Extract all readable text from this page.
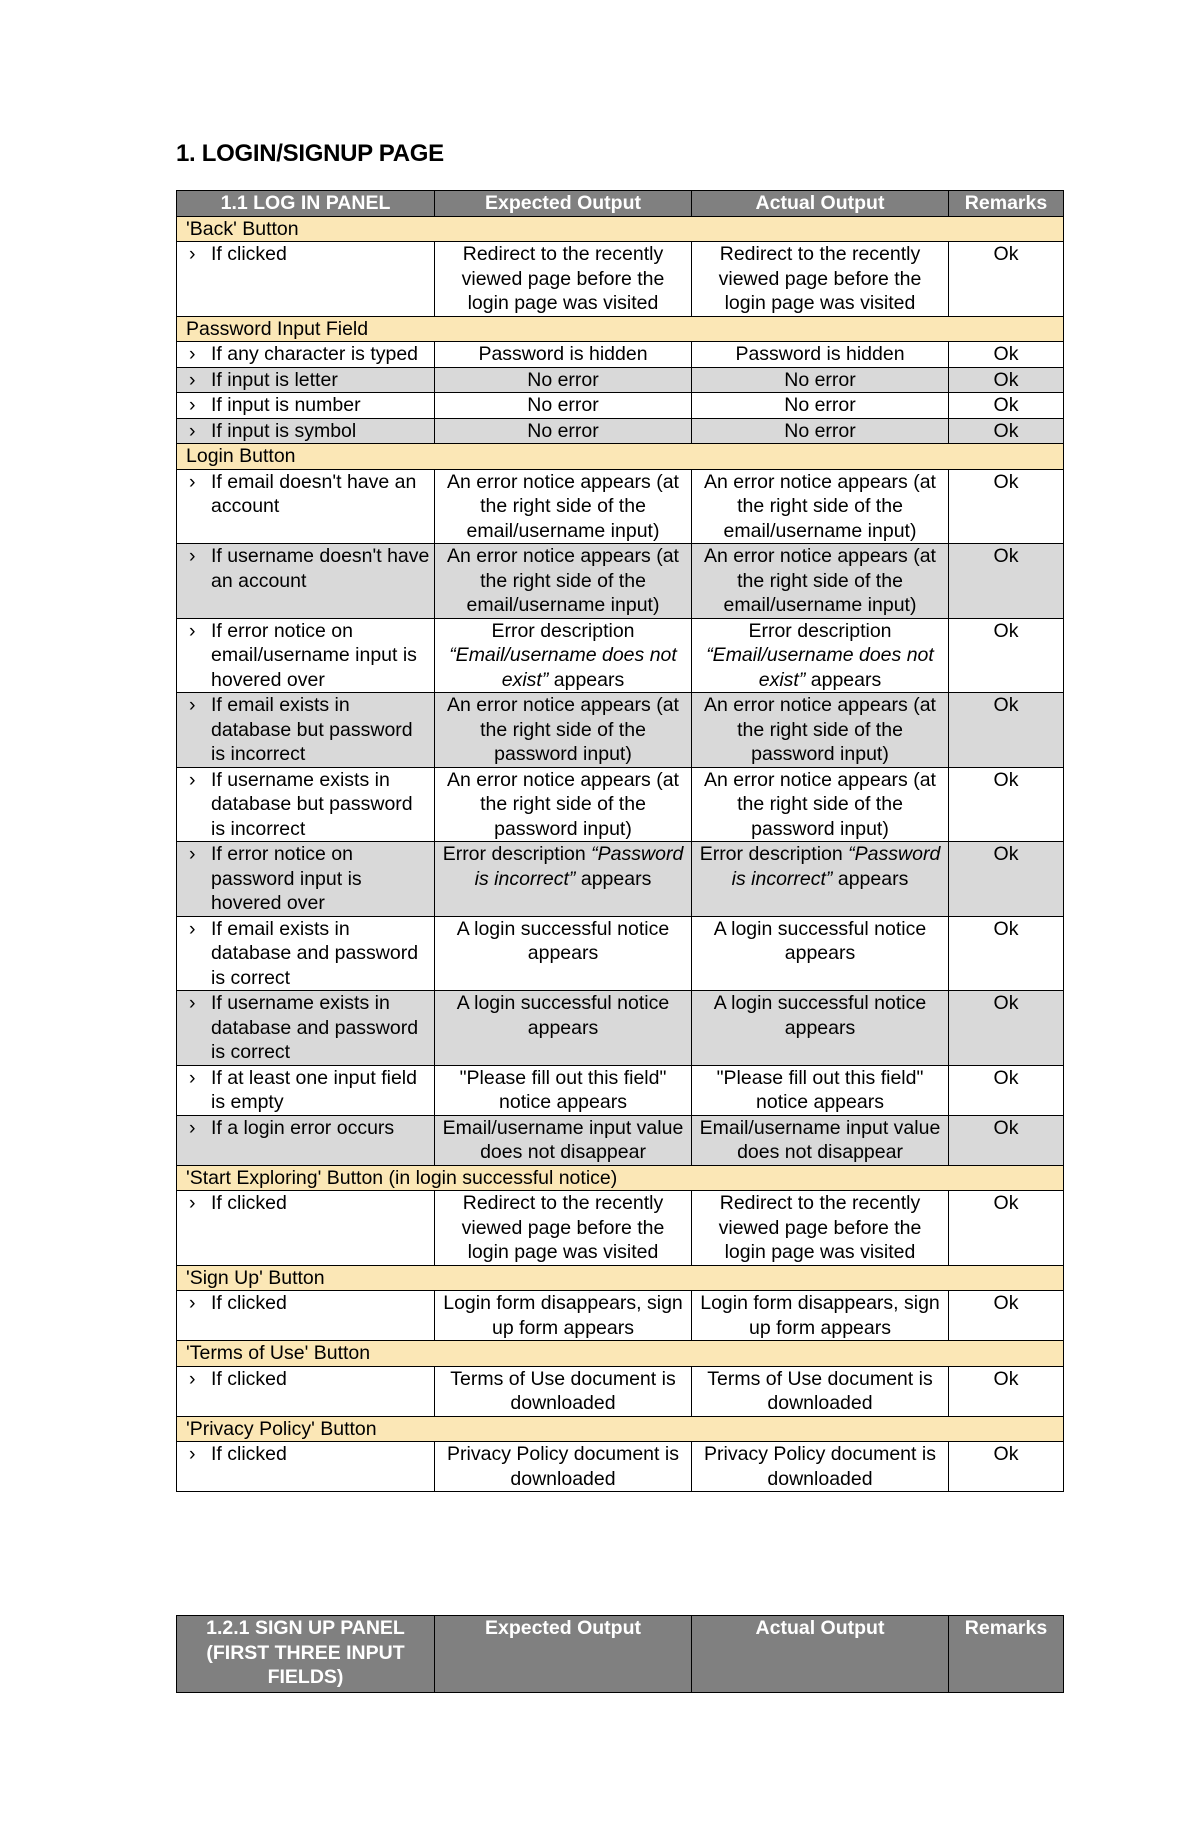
1. LOGIN/SIGNUP PAGE
1.1 LOG IN PANEL	Expected Output	Actual Output	Remarks
'Back' Button			

› If clicked	Redirect to the recently viewed page before the login page was visited	Redirect to the recently viewed page before the login page was visited	Ok
Password Input Field			

› If any character is typed	Password is hidden	Password is hidden	Ok

› If input is letter	No error	No error	Ok

› If input is number	No error	No error	Ok

› If input is symbol	No error	No error	Ok
Login Button			

› If email doesn't have an account	An error notice appears (at the right side of the email/username input)	An error notice appears (at the right side of the email/username input)	Ok

› If username doesn't have an account	An error notice appears (at the right side of the email/username input)	An error notice appears (at the right side of the email/username input)	Ok

› If error notice on email/username input is hovered over	Error description “Email/username does not exist” appears	Error description “Email/username does not exist” appears	Ok

› If email exists in database but password is incorrect	An error notice appears (at the right side of the password input)	An error notice appears (at the right side of the password input)	Ok

› If username exists in database but password is incorrect	An error notice appears (at the right side of the password input)	An error notice appears (at the right side of the password input)	Ok

› If error notice on password input is hovered over	Error description “Password is incorrect” appears	Error description “Password is incorrect” appears	Ok

› If email exists in database and password is correct	A login successful notice appears	A login successful notice appears	Ok

› If username exists in database and password is correct	A login successful notice appears	A login successful notice appears	Ok

› If at least one input field is empty	"Please fill out this field" notice appears	"Please fill out this field" notice appears	Ok

› If a login error occurs	Email/username input value does not disappear	Email/username input value does not disappear	Ok
'Start Exploring' Button (in login successful notice)			

› If clicked	Redirect to the recently viewed page before the login page was visited	Redirect to the recently viewed page before the login page was visited	Ok
'Sign Up' Button			

› If clicked	Login form disappears, sign up form appears	Login form disappears, sign up form appears	Ok
'Terms of Use' Button			

› If clicked	Terms of Use document is downloaded	Terms of Use document is downloaded	Ok
'Privacy Policy' Button			

› If clicked	Privacy Policy document is downloaded	Privacy Policy document is downloaded	Ok
1.2.1 SIGN UP PANEL (FIRST THREE INPUT FIELDS)	Expected Output	Actual Output	Remarks
